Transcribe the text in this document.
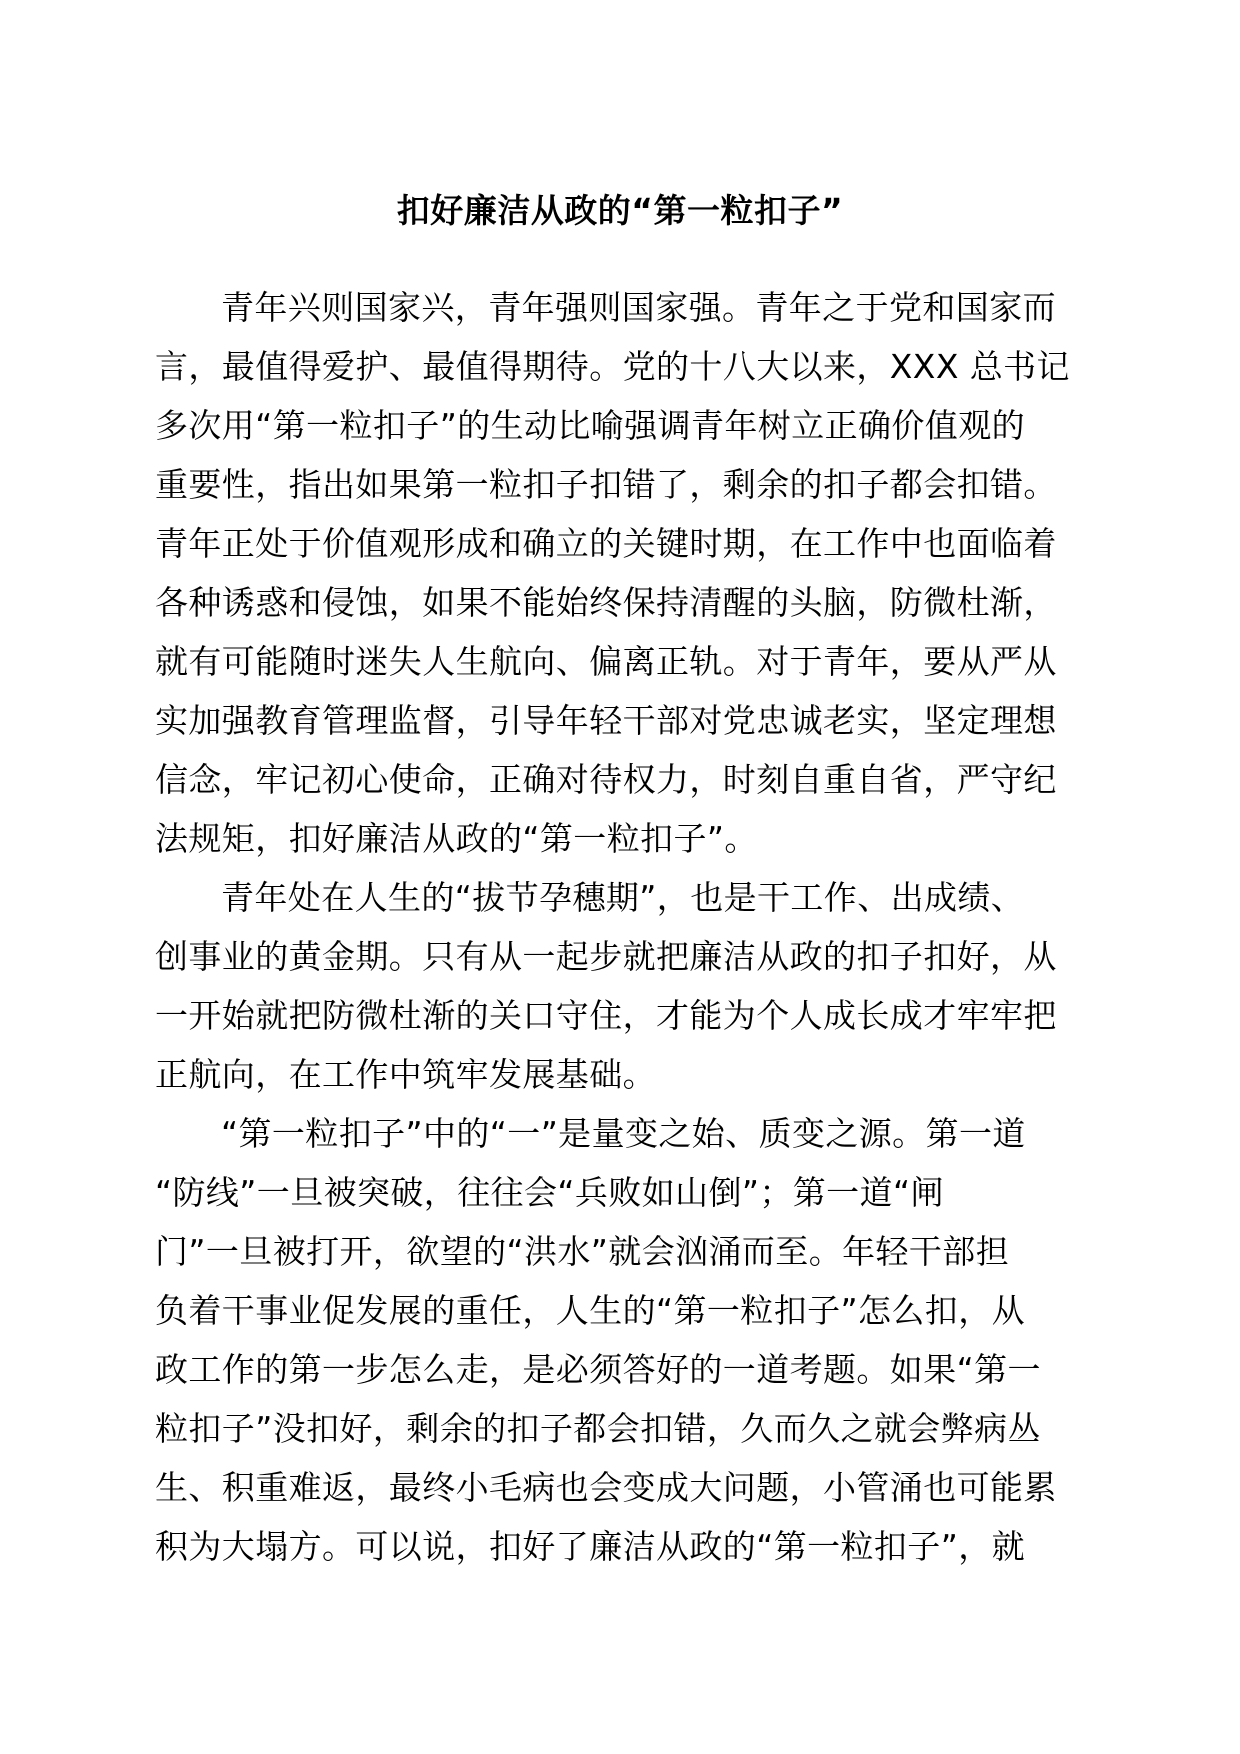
扣好廉洁从政的“第一粒扣子”
青年兴则国家兴，青年强则国家强。青年之于党和国家而
言，最值得爱护、最值得期待。党的十八大以来，XXX 总书记
多次用“第一粒扣子”的生动比喻强调青年树立正确价值观的
重要性，指出如果第一粒扣子扣错了，剩余的扣子都会扣错。
青年正处于价值观形成和确立的关键时期，在工作中也面临着
各种诱惑和侵蚀，如果不能始终保持清醒的头脑，防微杜渐，
就有可能随时迷失人生航向、偏离正轨。对于青年，要从严从
实加强教育管理监督，引导年轻干部对党忠诚老实，坚定理想
信念，牢记初心使命，正确对待权力，时刻自重自省，严守纪
法规矩，扣好廉洁从政的“第一粒扣子”。
青年处在人生的“拔节孕穗期”，也是干工作、出成绩、
创事业的黄金期。只有从一起步就把廉洁从政的扣子扣好，从
一开始就把防微杜渐的关口守住，才能为个人成长成才牢牢把
正航向，在工作中筑牢发展基础。
“第一粒扣子”中的“一”是量变之始、质变之源。第一道
“防线”一旦被突破，往往会“兵败如山倒”；第一道“闸
门”一旦被打开，欲望的“洪水”就会汹涌而至。年轻干部担
负着干事业促发展的重任，人生的“第一粒扣子”怎么扣，从
政工作的第一步怎么走，是必须答好的一道考题。如果“第一
粒扣子”没扣好，剩余的扣子都会扣错，久而久之就会弊病丛
生、积重难返，最终小毛病也会变成大问题，小管涌也可能累
积为大塌方。可以说，扣好了廉洁从政的“第一粒扣子”，就
